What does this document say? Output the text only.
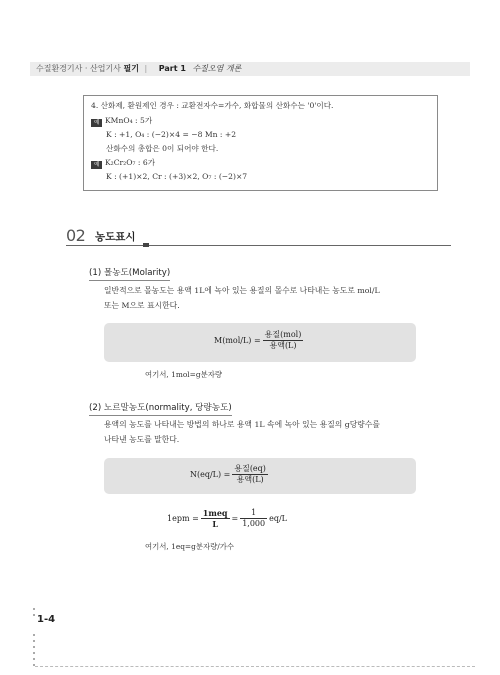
수질환경기사 · 산업기사 필기 | Part 1 수질오염 개론
4. 산화제, 환원제인 경우 : 교환전자수=가수, 화합물의 산화수는 '0'이다.
예 KMnO₄ : 5가
K : +1, O₄ : (−2)×4 = −8 Mn : +2
산화수의 총합은 0이 되어야 한다.
예 K₂Cr₂O₇ : 6가
K : (+1)×2, Cr : (+3)×2, O₇ : (−2)×7
02 농도표시
(1) 몰농도(Molarity)
일반적으로 몰농도는 용액 1L에 녹아 있는 용질의 몰수로 나타내는 농도로 mol/L
또는 M으로 표시한다.
$M(mol/L) = \frac{\text{용질(mol)}}{\text{용액(L)}}$
여기서, 1mol=g분자량
(2) 노르말농도(normality, 당량농도)
용액의 농도를 나타내는 방법의 하나로 용액 1L 속에 녹아 있는 용질의 g당량수를
나타낸 농도를 말한다.
$N(eq/L) = \frac{\text{용질(eq)}}{\text{용액(L)}}$
$1epm = \frac{\text{1meq}}{L} = \frac{1}{1,000} eq/L$
여기서, 1eq=g분자량/가수
1-4
